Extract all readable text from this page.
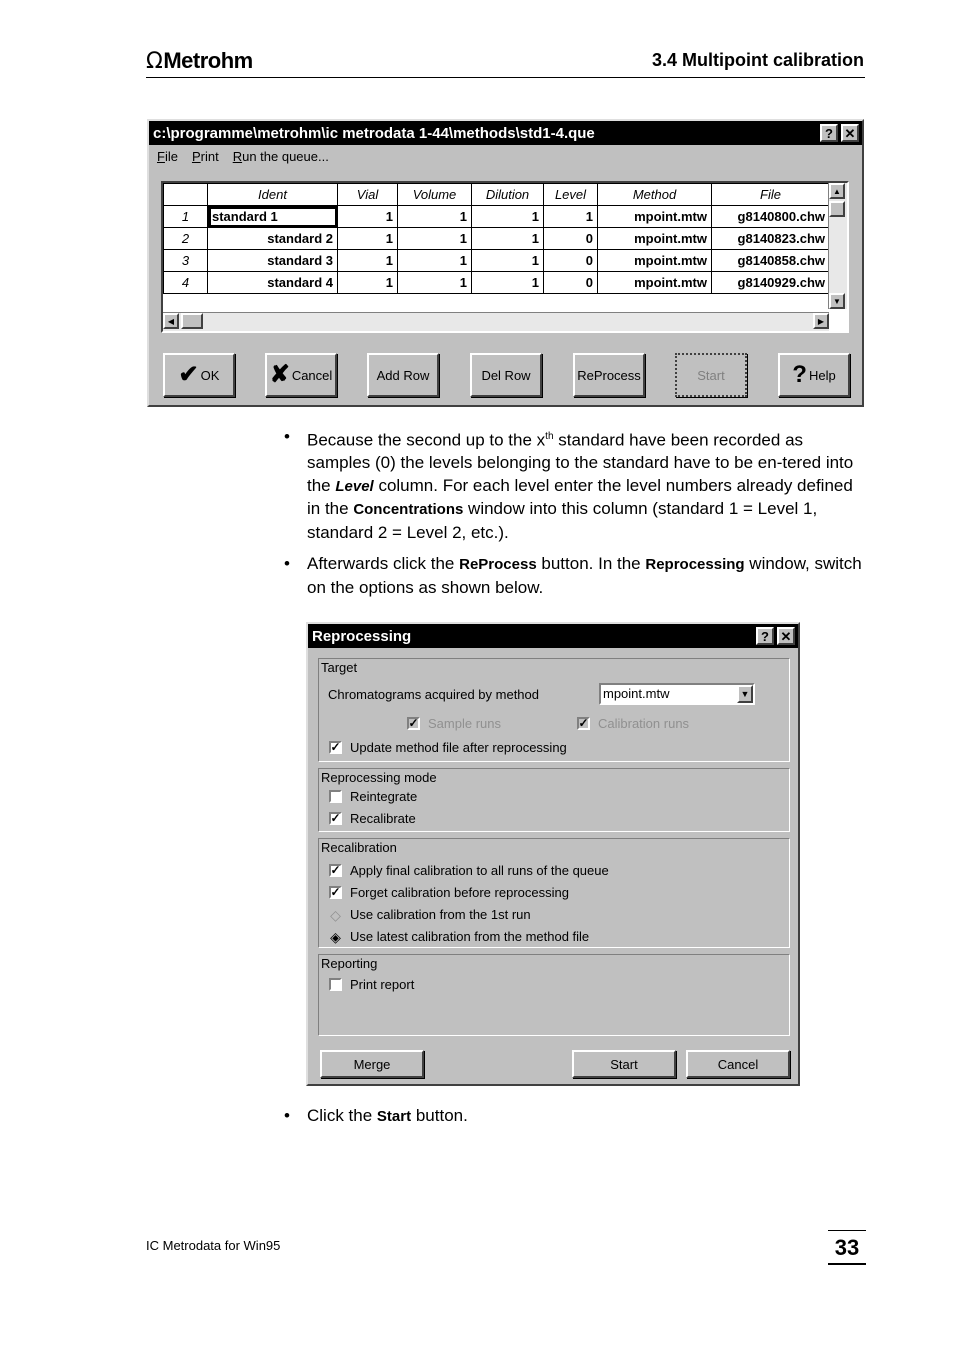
Ω Metrohm	3.4 Multipoint calibration
c:\programme\metrohm\ic metrodata 1-44\methods\std1-4.que	? ✕
File Print Run the queue...
	Ident	Vial	Volume	Dilution	Level	Method	File
1	standard 1	1	1	1	1	mpoint.mtw	g8140800.chw
2	standard 2	1	1	1	0	mpoint.mtw	g8140823.chw
3	standard 3	1	1	1	0	mpoint.mtw	g8140858.chw
4	standard 4	1	1	1	0	mpoint.mtw	g8140929.chw
▲
▼
◀	▶
✔ OK ✘ Cancel	Add Row	Del Row	ReProcess	Start	? Help
• Because the second up to the $x^{th}$ standard have been recorded as samples (0) the levels belonging to the standard have to be en-tered into the Level column. For each level enter the level numbers already defined in the Concentrations window into this column (standard 1 = Level 1, standard 2 = Level 2, etc.).
• Afterwards click the ReProcess button. In the Reprocessing window, switch on the options as shown below.
Reprocessing	? ✕
Target
Chromatograms acquired by method	mpoint.mtw	▼
✓ Sample runs	✓ Calibration runs
✓ Update method file after reprocessing
Reprocessing mode
Reintegrate
✓ Recalibrate
Recalibration
✓ Apply final calibration to all runs of the queue
✓ Forget calibration before reprocessing
◇ Use calibration from the 1st run
◈ Use latest calibration from the method file
Reporting
Print report
Merge	Start	Cancel
• Click the Start button.
IC Metrodata for Win95	33
